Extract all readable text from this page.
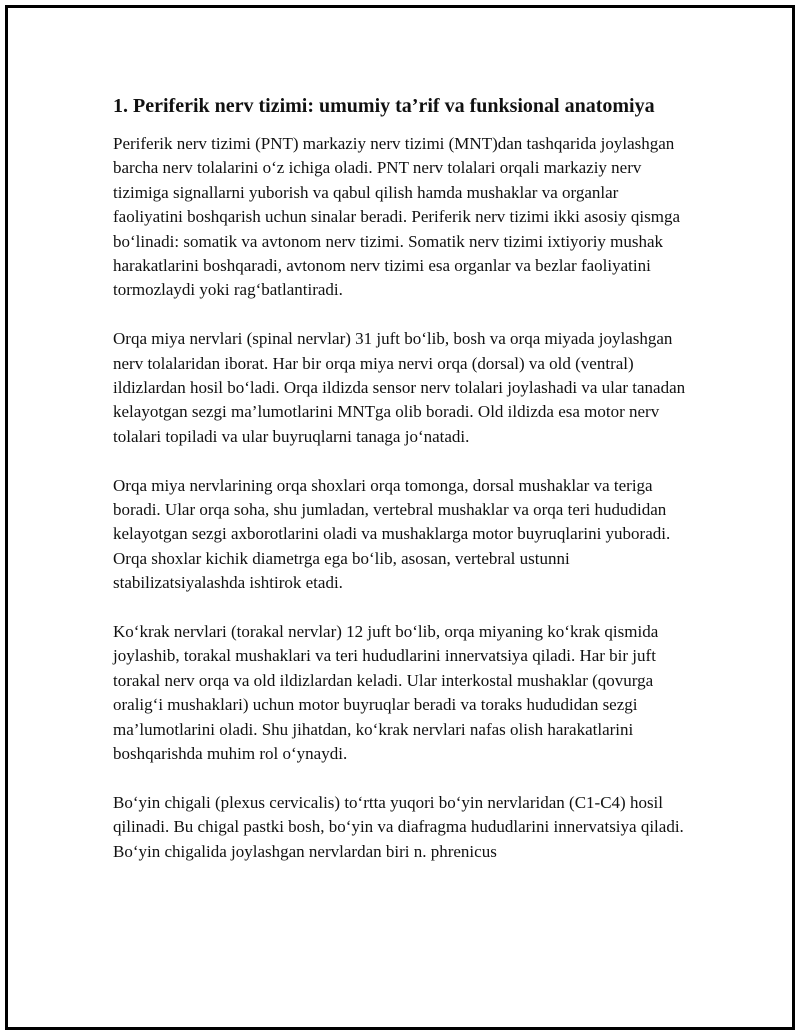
1. Periferik nerv tizimi: umumiy ta’rif va funksional anatomiya

Periferik nerv tizimi (PNT) markaziy nerv tizimi (MNT)dan tashqarida joylashgan barcha nerv tolalarini o‘z ichiga oladi. PNT nerv tolalari orqali markaziy nerv tizimiga signallarni yuborish va qabul qilish hamda mushaklar va organlar faoliyatini boshqarish uchun sinalar beradi. Periferik nerv tizimi ikki asosiy qismga bo‘linadi: somatik va avtonom nerv tizimi. Somatik nerv tizimi ixtiyoriy mushak harakatlarini boshqaradi, avtonom nerv tizimi esa organlar va bezlar faoliyatini tormozlaydi yoki rag‘batlantiradi.

Orqa miya nervlari (spinal nervlar) 31 juft bo‘lib, bosh va orqa miyada joylashgan nerv tolalaridan iborat. Har bir orqa miya nervi orqa (dorsal) va old (ventral) ildizlardan hosil bo‘ladi. Orqa ildizda sensor nerv tolalari joylashadi va ular tanadan kelayotgan sezgi ma’lumotlarini MNTga olib boradi. Old ildizda esa motor nerv tolalari topiladi va ular buyruqlarni tanaga jo‘natadi.

Orqa miya nervlarining orqa shoxlari orqa tomonga, dorsal mushaklar va teriga boradi. Ular orqa soha, shu jumladan, vertebral mushaklar va orqa teri hududidan kelayotgan sezgi axborotlarini oladi va mushaklarga motor buyruqlarini yuboradi. Orqa shoxlar kichik diametrga ega bo‘lib, asosan, vertebral ustunni stabilizatsiyalashda ishtirok etadi.

Ko‘krak nervlari (torakal nervlar) 12 juft bo‘lib, orqa miyaning ko‘krak qismida joylashib, torakal mushaklari va teri hududlarini innervatsiya qiladi. Har bir juft torakal nerv orqa va old ildizlardan keladi. Ular interkostal mushaklar (qovurga oralig‘i mushaklari) uchun motor buyruqlar beradi va toraks hududidan sezgi ma’lumotlarini oladi. Shu jihatdan, ko‘krak nervlari nafas olish harakatlarini boshqarishda muhim rol o‘ynaydi.

Bo‘yin chigali (plexus cervicalis) to‘rtta yuqori bo‘yin nervlaridan (C1-C4) hosil qilinadi. Bu chigal pastki bosh, bo‘yin va diafragma hududlarini innervatsiya qiladi. Bo‘yin chigalida joylashgan nervlardan biri n. phrenicus
